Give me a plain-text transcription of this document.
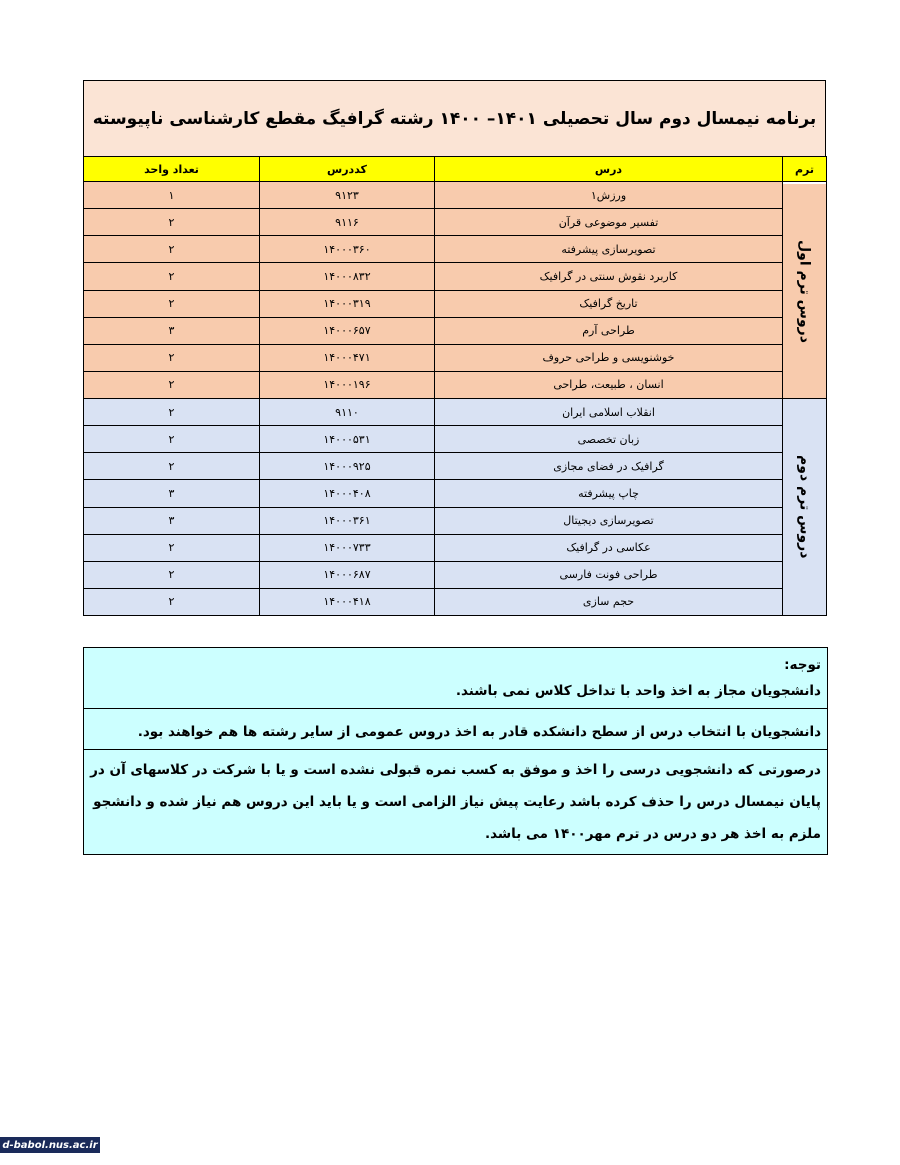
برنامه نیمسال دوم سال تحصیلی ۱۴۰۱– ۱۴۰۰ رشته گرافیگ مقطع کارشناسی ناپیوسته
ترم	درس	کددرس	تعداد واحد

دروس ترم اول	ورزش۱	۹۱۲۳	۱
	تفسیر موضوعی قرآن	۹۱۱۶	۲
	تصویرسازی پیشرفته	۱۴۰۰۰۳۶۰	۲
	کاربرد نقوش سنتی در گرافیک	۱۴۰۰۰۸۳۲	۲
	تاریخ گرافیک	۱۴۰۰۰۳۱۹	۲
	طراحی آرم	۱۴۰۰۰۶۵۷	۳
	خوشنویسی و طراحی حروف	۱۴۰۰۰۴۷۱	۲
	انسان ، طبیعت، طراحی	۱۴۰۰۰۱۹۶	۲

دروس ترم دوم	انقلاب اسلامی ایران	۹۱۱۰	۲
	زبان تخصصی	۱۴۰۰۰۵۳۱	۲
	گرافیک در فضای مجازی	۱۴۰۰۰۹۲۵	۲
	چاپ پیشرفته	۱۴۰۰۰۴۰۸	۳
	تصویرسازی دیجیتال	۱۴۰۰۰۳۶۱	۳
	عکاسی در گرافیک	۱۴۰۰۰۷۳۳	۲
	طراحی فونت فارسی	۱۴۰۰۰۶۸۷	۲
	حجم سازی	۱۴۰۰۰۴۱۸	۲
توجه:
دانشجویان مجاز به اخذ واحد با تداخل کلاس نمی باشند.
دانشجویان با انتخاب درس از سطح دانشکده قادر به اخذ دروس عمومی از سایر رشته ها هم خواهند بود.
درصورتی که دانشجویی درسی را اخذ و موفق به کسب نمره قبولی نشده است و یا با شرکت در کلاسهای آن در پایان نیمسال درس را حذف کرده باشد رعایت پیش نیاز الزامی است و یا باید این دروس هم نیاز شده و دانشجو ملزم به اخذ هر دو درس در ترم مهر۱۴۰۰ می باشد.
d-babol.nus.ac.ir
